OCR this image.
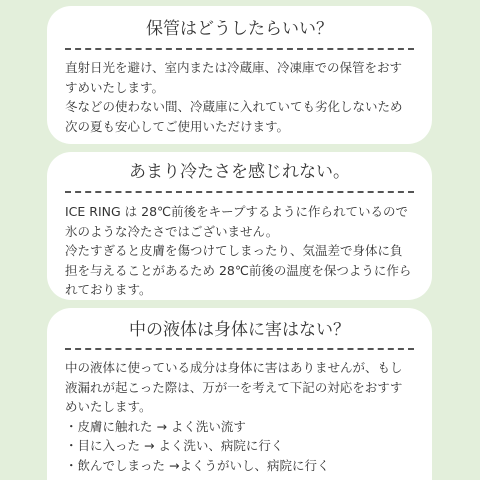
保管はどうしたらいい？

直射日光を避け、室内または冷蔵庫、冷凍庫での保管をおすすめいたします。

冬などの使わない間、冷蔵庫に入れていても劣化しないため次の夏も安心してご使用いただけます。

あまり冷たさを感じれない。

ICE RING は 28℃前後をキープするように作られているので氷のような冷たさではございません。

冷たすぎると皮膚を傷つけてしまったり、気温差で身体に負担を与えることがあるため 28℃前後の温度を保つように作られております。

中の液体は身体に害はない？

中の液体に使っている成分は身体に害はありませんが、もし液漏れが起こった際は、万が一を考えて下記の対応をおすすめいたします。

・皮膚に触れた → よく洗い流す
・目に入った → よく洗い、病院に行く
・飲んでしまった →よくうがいし、病院に行く
